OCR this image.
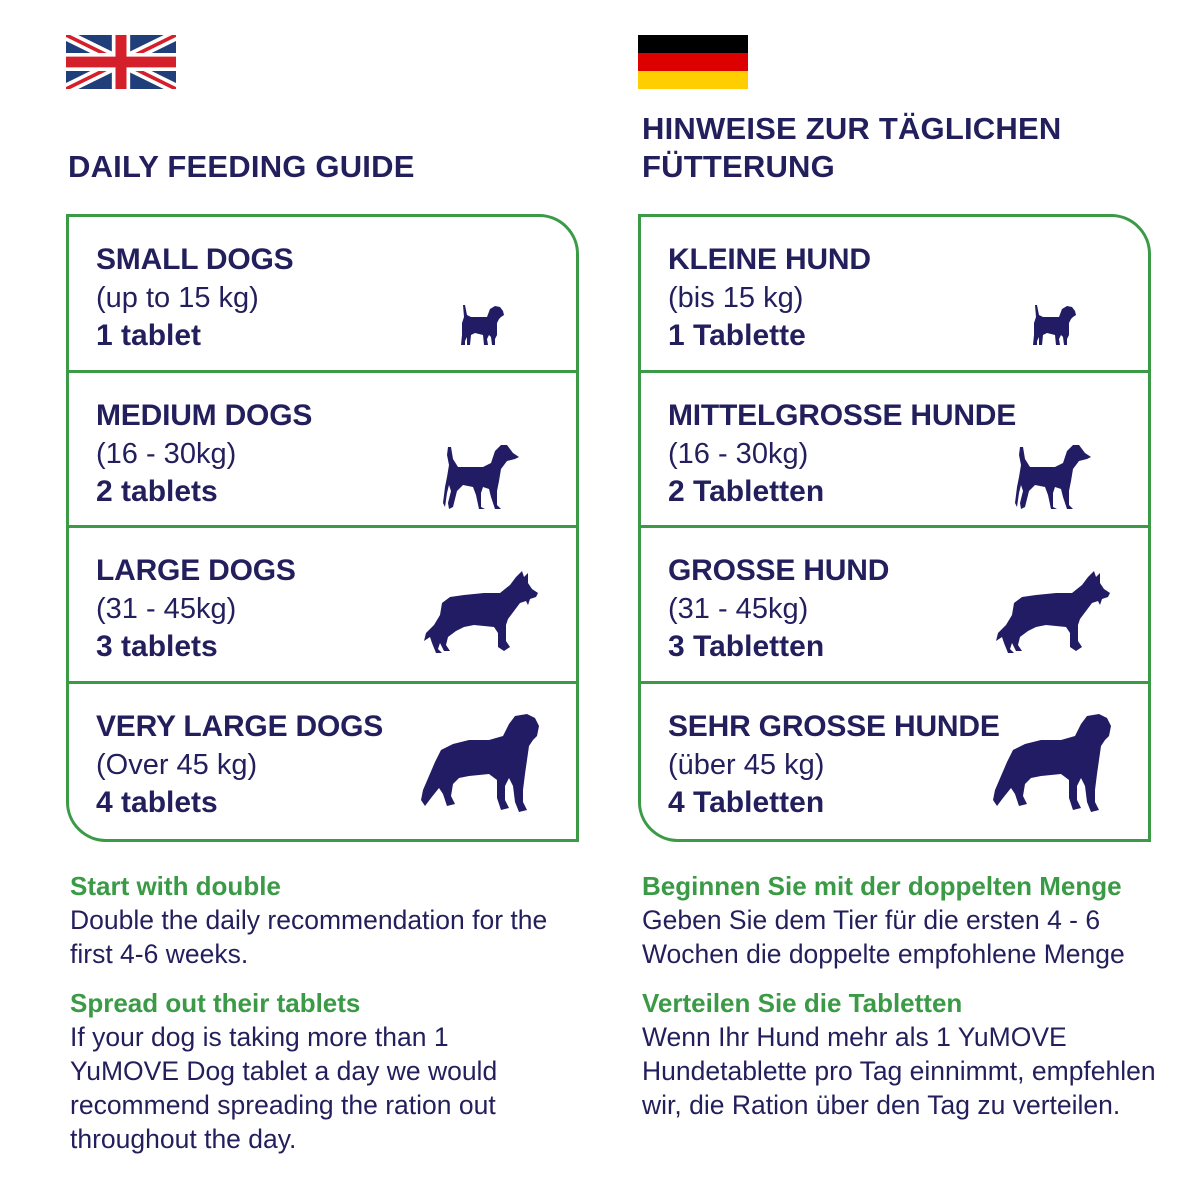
DAILY FEEDING GUIDE
SMALL DOGS
(up to 15 kg)
1 tablet
MEDIUM DOGS
(16 - 30kg)
2 tablets
LARGE DOGS
(31 - 45kg)
3 tablets
VERY LARGE DOGS
(Over 45 kg)
4 tablets
Start with double
Double the daily recommendation for the first 4-6 weeks.
Spread out their tablets
If your dog is taking more than 1 YuMOVE Dog tablet a day we would recommend spreading the ration out throughout the day.
HINWEISE ZUR TÄGLICHEN
FÜTTERUNG
KLEINE HUND
(bis 15 kg)
1 Tablette
MITTELGROSSE HUNDE
(16 - 30kg)
2 Tabletten
GROSSE HUND
(31 - 45kg)
3 Tabletten
SEHR GROSSE HUNDE
(über 45 kg)
4 Tabletten
Beginnen Sie mit der doppelten Menge
Geben Sie dem Tier für die ersten 4 - 6 Wochen die doppelte empfohlene Menge
Verteilen Sie die Tabletten
Wenn Ihr Hund mehr als 1 YuMOVE Hundetablette pro Tag einnimmt, empfehlen wir, die Ration über den Tag zu verteilen.
